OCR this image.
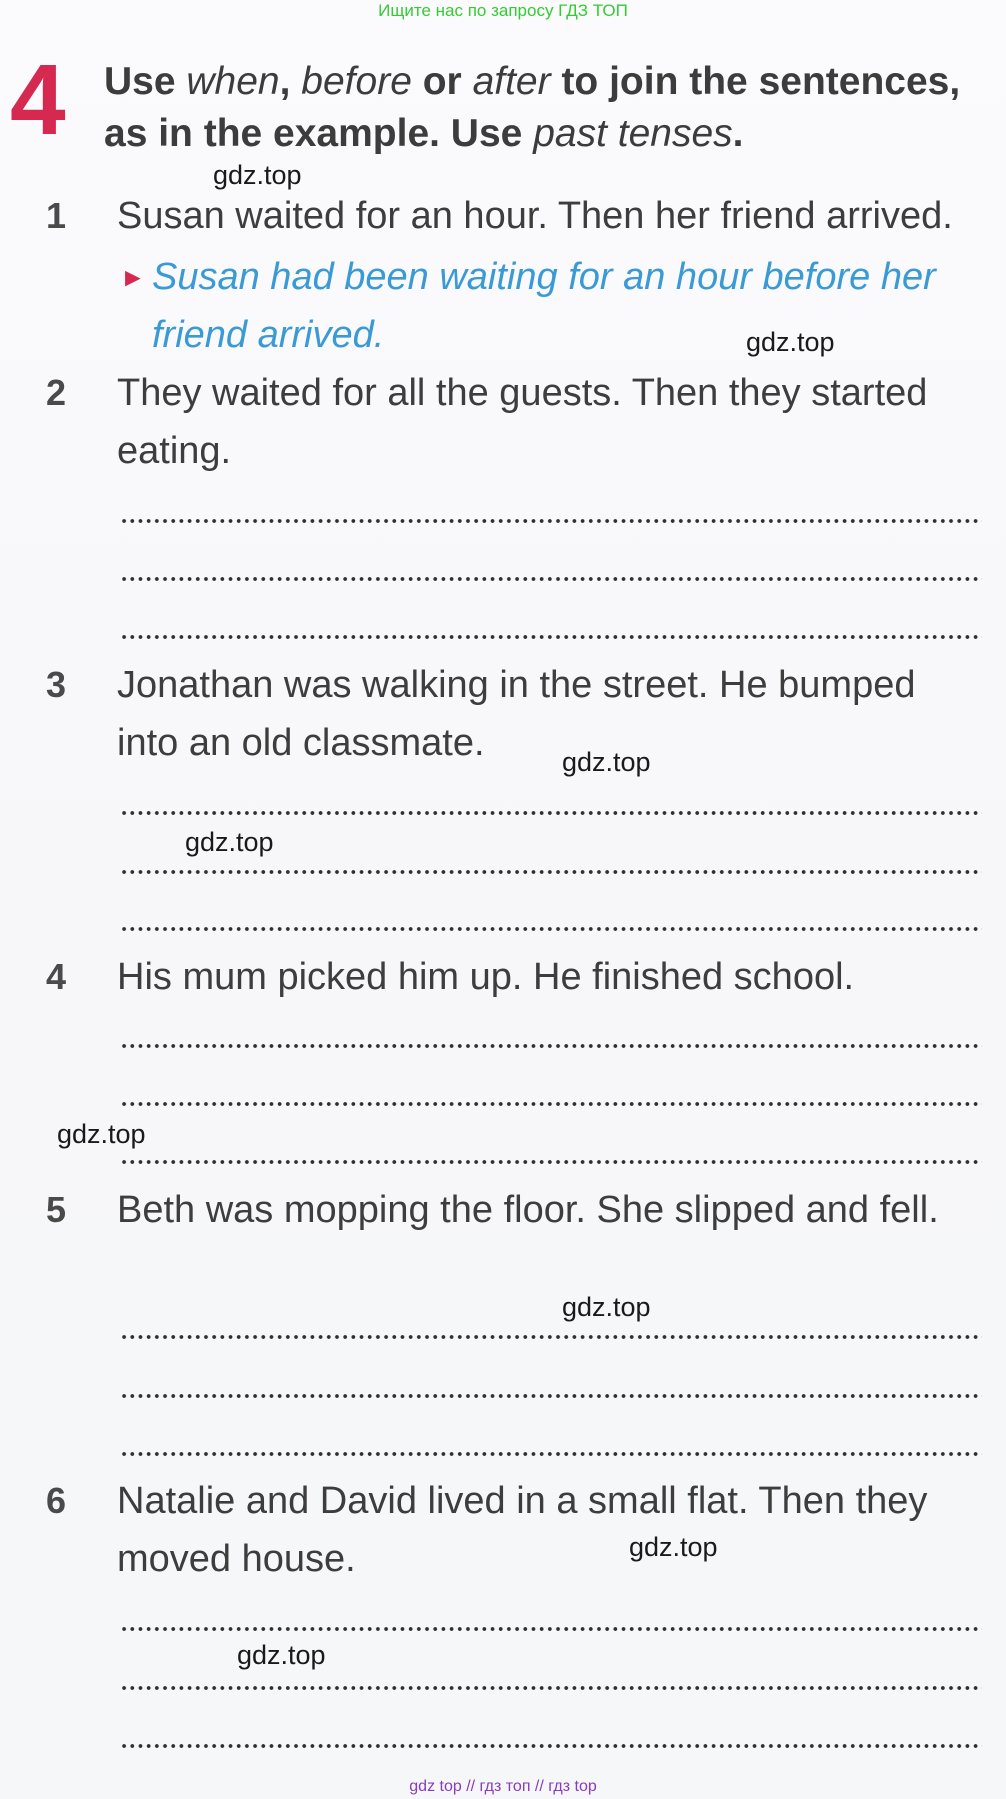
Ищите нас по запросу ГДЗ ТОП
4 Use when, before or after to join the sentences, as in the example. Use past tenses.
1 Susan waited for an hour. Then her friend arrived.
► Susan had been waiting for an hour before her friend arrived.
2 They waited for all the guests. Then they started eating.
3 Jonathan was walking in the street. He bumped into an old classmate.
4 His mum picked him up. He finished school.
5 Beth was mopping the floor. She slipped and fell.
6 Natalie and David lived in a small flat. Then they moved house.
gdz.top
gdz.top
gdz.top
gdz.top
gdz.top
gdz.top
gdz.top
gdz.top
gdz top // гдз топ // гдз top
